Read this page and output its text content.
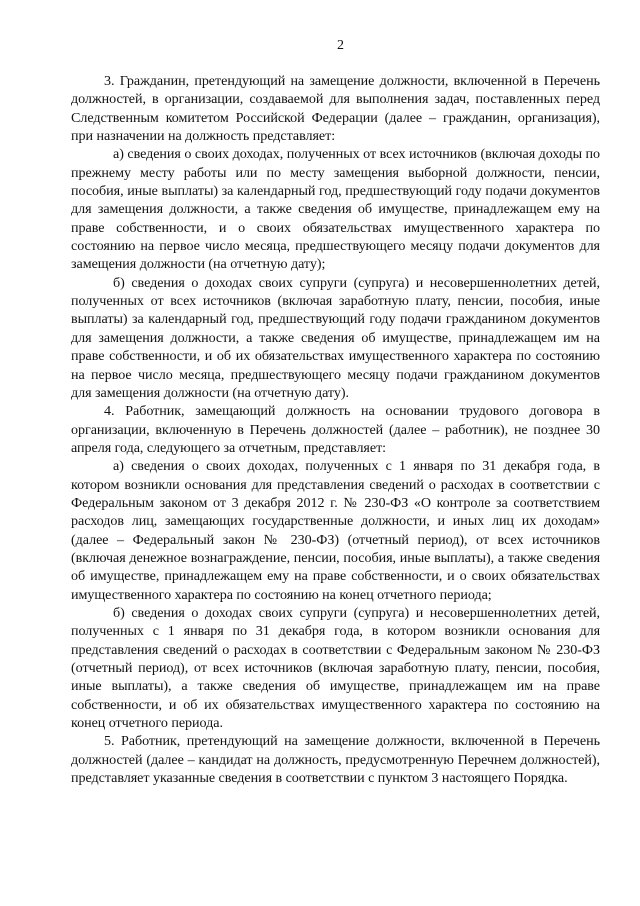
2

3. Гражданин, претендующий на замещение должности, включенной в Перечень должностей, в организации, создаваемой для выполнения задач, поставленных перед Следственным комитетом Российской Федерации (далее – гражданин, организация), при назначении на должность представляет:

а) сведения о своих доходах, полученных от всех источников (включая доходы по прежнему месту работы или по месту замещения выборной должности, пенсии, пособия, иные выплаты) за календарный год, предшествующий году подачи документов для замещения должности, а также сведения об имуществе, принадлежащем ему на праве собственности, и о своих обязательствах имущественного характера по состоянию на первое число месяца, предшествующего месяцу подачи документов для замещения должности (на отчетную дату);

б) сведения о доходах своих супруги (супруга) и несовершеннолетних детей, полученных от всех источников (включая заработную плату, пенсии, пособия, иные выплаты) за календарный год, предшествующий году подачи гражданином документов для замещения должности, а также сведения об имуществе, принадлежащем им на праве собственности, и об их обязательствах имущественного характера по состоянию на первое число месяца, предшествующего месяцу подачи гражданином документов для замещения должности (на отчетную дату).

4. Работник, замещающий должность на основании трудового договора в организации, включенную в Перечень должностей (далее – работник), не позднее 30 апреля года, следующего за отчетным, представляет:

а) сведения о своих доходах, полученных с 1 января по 31 декабря года, в котором возникли основания для представления сведений о расходах в соответствии с Федеральным законом от 3 декабря 2012 г. № 230-ФЗ «О контроле за соответствием расходов лиц, замещающих государственные должности, и иных лиц их доходам» (далее – Федеральный закон № 230-ФЗ) (отчетный период), от всех источников (включая денежное вознаграждение, пенсии, пособия, иные выплаты), а также сведения об имуществе, принадлежащем ему на праве собственности, и о своих обязательствах имущественного характера по состоянию на конец отчетного периода;

б) сведения о доходах своих супруги (супруга) и несовершеннолетних детей, полученных с 1 января по 31 декабря года, в котором возникли основания для представления сведений о расходах в соответствии с Федеральным законом № 230-ФЗ (отчетный период), от всех источников (включая заработную плату, пенсии, пособия, иные выплаты), а также сведения об имуществе, принадлежащем им на праве собственности, и об их обязательствах имущественного характера по состоянию на конец отчетного периода.

5. Работник, претендующий на замещение должности, включенной в Перечень должностей (далее – кандидат на должность, предусмотренную Перечнем должностей), представляет указанные сведения в соответствии с пунктом 3 настоящего Порядка.
